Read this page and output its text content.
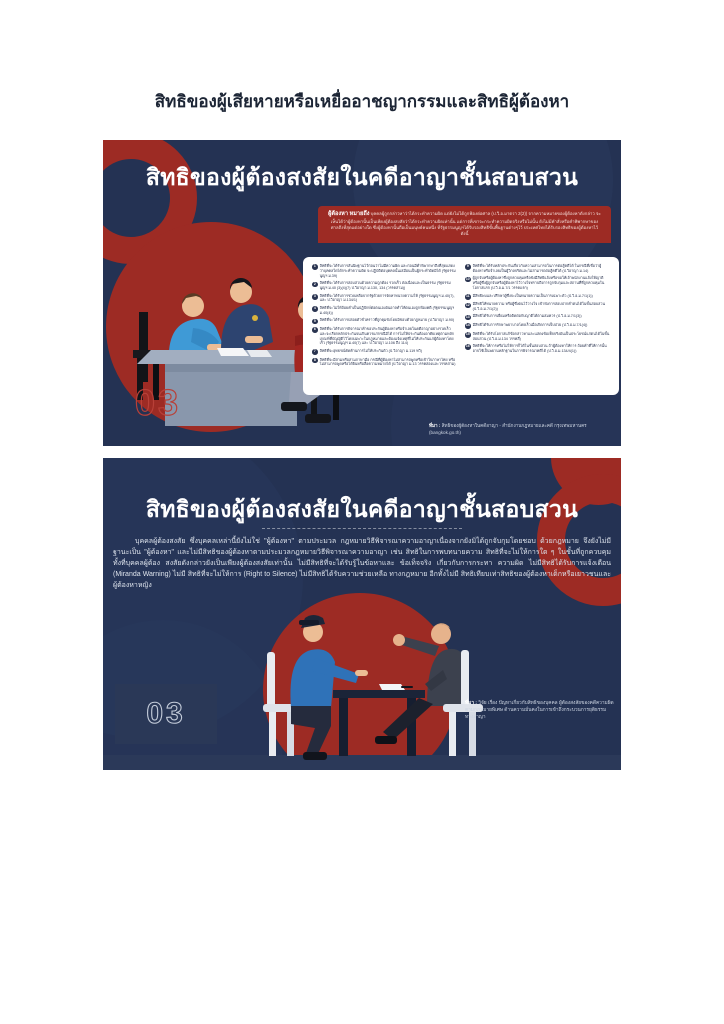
สิทธิของผู้เสียหายหรือเหยื่ออาชญากรรมและสิทธิผู้ต้องหา
สิทธิของผู้ต้องสงสัยในคดีอาญาชั้นสอบสวน
03
ผู้ต้องหา หมายถึง บุคคลผู้ถูกกล่าวหาว่าได้กระทำความผิด แต่ยังไม่ได้ถูกฟ้องต่อศาล (ป.วิ.อ.มาตรา 2(2)) จากความหมายของผู้ต้องหาดังกล่าว จะเห็นได้ว่าผู้ต้องหานั้นเป็นเพียงผู้ต้องสงสัยว่าได้กระทำความผิดเท่านั้น แต่การที่เขาจะกระทำความผิดจริงหรือไม่นั้น ยังไม่มีคำสั่งหรือคำพิพากษาของศาลถึงที่สุดแต่อย่างใด ซึ่งผู้ต้องหานั้นถือเป็นมนุษย์คนหนึ่ง ที่รัฐธรรมนูญฯได้รับรองสิทธิขั้นพื้นฐานต่างๆไว้ ประเทศไทยได้รับรองสิทธิของผู้ต้องหาไว้ ดังนี้
1	สิทธิที่จะได้รับการสันนิษฐานไว้ก่อนว่าไม่มีความผิด และก่อนมีคำพิพากษาถึงที่สุดแสดงว่าบุคคลใดได้กระทำความผิด จะปฏิบัติต่อบุคคลนั้นเสมือนเป็นผู้กระทำผิดมิได้ (รัฐธรรมนูญฯ ม.39)
2	สิทธิที่จะได้รับการสอบสวนด้วยความถูกต้อง รวดเร็ว ต่อเนื่องและเป็นธรรม (รัฐธรรมนูญฯ ม.40 (3)(4)(7) ป.วิอาญา ม.130, 134 (วรรคสาม))
3	สิทธิที่จะได้รับการช่วยเหลือจากรัฐด้วยการจัดหาทนายความให้ (รัฐธรรมนูญฯ ม.40(7), และ ป.วิอาญา ม.134/1)
4	สิทธิที่จะไม่ให้ถ้อยคำเป็นปฏิปักษ์ต่อตนเองอันอาจทำให้ตนเองถูกฟ้องคดี (รัฐธรรมนูญฯ ม.40(4))
5	สิทธิที่จะได้รับการปล่อยตัวชั่วคราวที่ถูกคุมขังโดยมิชอบด้วยกฎหมาย (ป.วิอาญา ม.90)
6	สิทธิที่จะได้รับการพิจารณาคำขอประกันผู้ต้องหาหรือจำเลยในคดีอาญาอย่างรวดเร็ว และจะเรียกหลักประกันจนเกินควรแก่กรณีมิได้ การไม่ให้ประกันต้องอาศัยเหตุตามหลักเกณฑ์ที่บัญญัติไว้โดยเฉพาะในกฎหมายและต้องแจ้งเหตุที่ไม่ให้ประกันแก่ผู้ต้องหาโดยเร็ว (รัฐธรรมนูญฯ ม.40(7) และ ป.วิอาญา ม.106 ถึง 114)
7	สิทธิที่จะอุทธรณ์คัดค้านการไม่ให้ประกันตัว (ป.วิอาญา ม.119 ทวิ)
8	สิทธิที่จะมีล่ามหรือล่ามภาษามือ กรณีที่ผู้ต้องหาไม่สามารถพูดหรือเข้าใจภาษาไทย หรือไม่สามารถพูดหรือได้ยินหรือสื่อความหมายได้ (ป.วิอาญา ม.13 วรรคสองและวรรคสาม)
9	สิทธิที่จะได้รับหลักประกันเกี่ยวกับความสามารถในการต่อสู้คดีได้ ในกรณีที่เชื่อว่าผู้ต้องหาหรือจำเลยเป็นผู้วิกลจริตและไม่สามารถต่อสู้คดีได้ (ป.วิอาญา ม.14)
10 ผู้ถูกจับหรือผู้ต้องหาซึ่งถูกควบคุมหรือขังมีสิทธิแจ้งหรือขอให้เจ้าพนักงานแจ้งให้ญาติหรือผู้ซึ่งผู้ถูกจับหรือผู้ต้องหาไว้วางใจทราบถึงการถูกจับกุมและสถานที่ที่ถูกควบคุมในโอกาสแรก (ป.วิ.อ.ม.7/1 วรรคแรก)
11 มีสิทธิพบและปรึกษาผู้ซึ่งจะเป็นทนายความเป็นการเฉพาะตัว (ป.วิ.อ.ม.7/1(1))
12 มีสิทธิให้ทนายความ หรือผู้ซึ่งตนไว้วางใจ เข้าฟังการสอบปากคำตนได้ในชั้นสอบสวน (ป.วิ.อ.ม.7/1(2))
13 มีสิทธิได้รับการเยี่ยมหรือติดต่อกับญาติได้ตามสมควร (ป.วิ.อ.ม.7/1(3))
14 มีสิทธิได้รับการรักษาพยาบาลโดยเร็วเมื่อเกิดการเจ็บป่วย (ป.วิ.อ.ม.7/1(4))
15 สิทธิที่จะได้รับโอกาสแก้ข้อกล่าวหาและแสดงข้อเท็จจริงอันเป็นประโยชน์แก่ตนได้ในชั้นสอบสวน (ป.วิ.อ.ม.134 วรรคสี่)
16 สิทธิที่จะให้การหรือไม่ให้การก็ได้ในชั้นสอบสวน ถ้าผู้ต้องหาให้การ ถ้อยคำที่ให้การนั้นอาจใช้เป็นพยานหลักฐานในการพิจารณาคดีได้ (ป.วิ.อ.ม.134/4(1))
ที่มา : สิทธิของผู้ต้องหาในคดีอาญา - สำนักงานกฎหมายและคดี กรุงเทพมหานคร (bangkok.go.th)
สิทธิของผู้ต้องสงสัยในคดีอาญาชั้นสอบสวน
บุคคลผู้ต้องสงสัย ซึ่งบุคคลเหล่านี้ยังไม่ใช่ "ผู้ต้องหา" ตามประมวล กฎหมายวิธีพิจารณาความอาญาเนื่องจากยังมิได้ถูกจับกุมโดยชอบ ด้วยกฎหมาย จึงยังไม่มี ฐานะเป็น "ผู้ต้องหา" และไม่มีสิทธิของผู้ต้องหาตามประมวลกฎหมายวิธีพิจารณาความอาญา เช่น สิทธิในการพบทนายความ สิทธิที่จะไม่ให้การใด ๆ ในชั้นที่ถูกควบคุม ทั้งที่บุคคลผู้ต้อง สงสัยดังกล่าวยังเป็นเพียงผู้ต้องสงสัยเท่านั้น ไม่มีสิทธิที่จะได้รับรู้ในข้อหาและ ข้อเท็จจริง เกี่ยวกับการกระทา ความผิด ไม่มีสิทธิได้รับการแจ้งเตือน (Miranda Warning) ไม่มี สิทธิที่จะไม่ให้การ (Right to Silence) ไม่มีสิทธิได้รับความช่วยเหลือ ทางกฎหมาย อีกทั้งไม่มี สิทธิเทียบเท่าสิทธิของผู้ต้องหาเด็กหรือเยาวชนและผู้ต้องหาหญิง
03	ที่มา : วิจัย เรื่อง ปัญหาเกี่ยวกับสิทธิของบุคคล ผู้ต้องสงสัยของคดีความผิดตามกฎหมายพิเศษ ด้านความมั่นคงในการเข้าถึงกระบวนการยุติธรรม ทางอาญา
